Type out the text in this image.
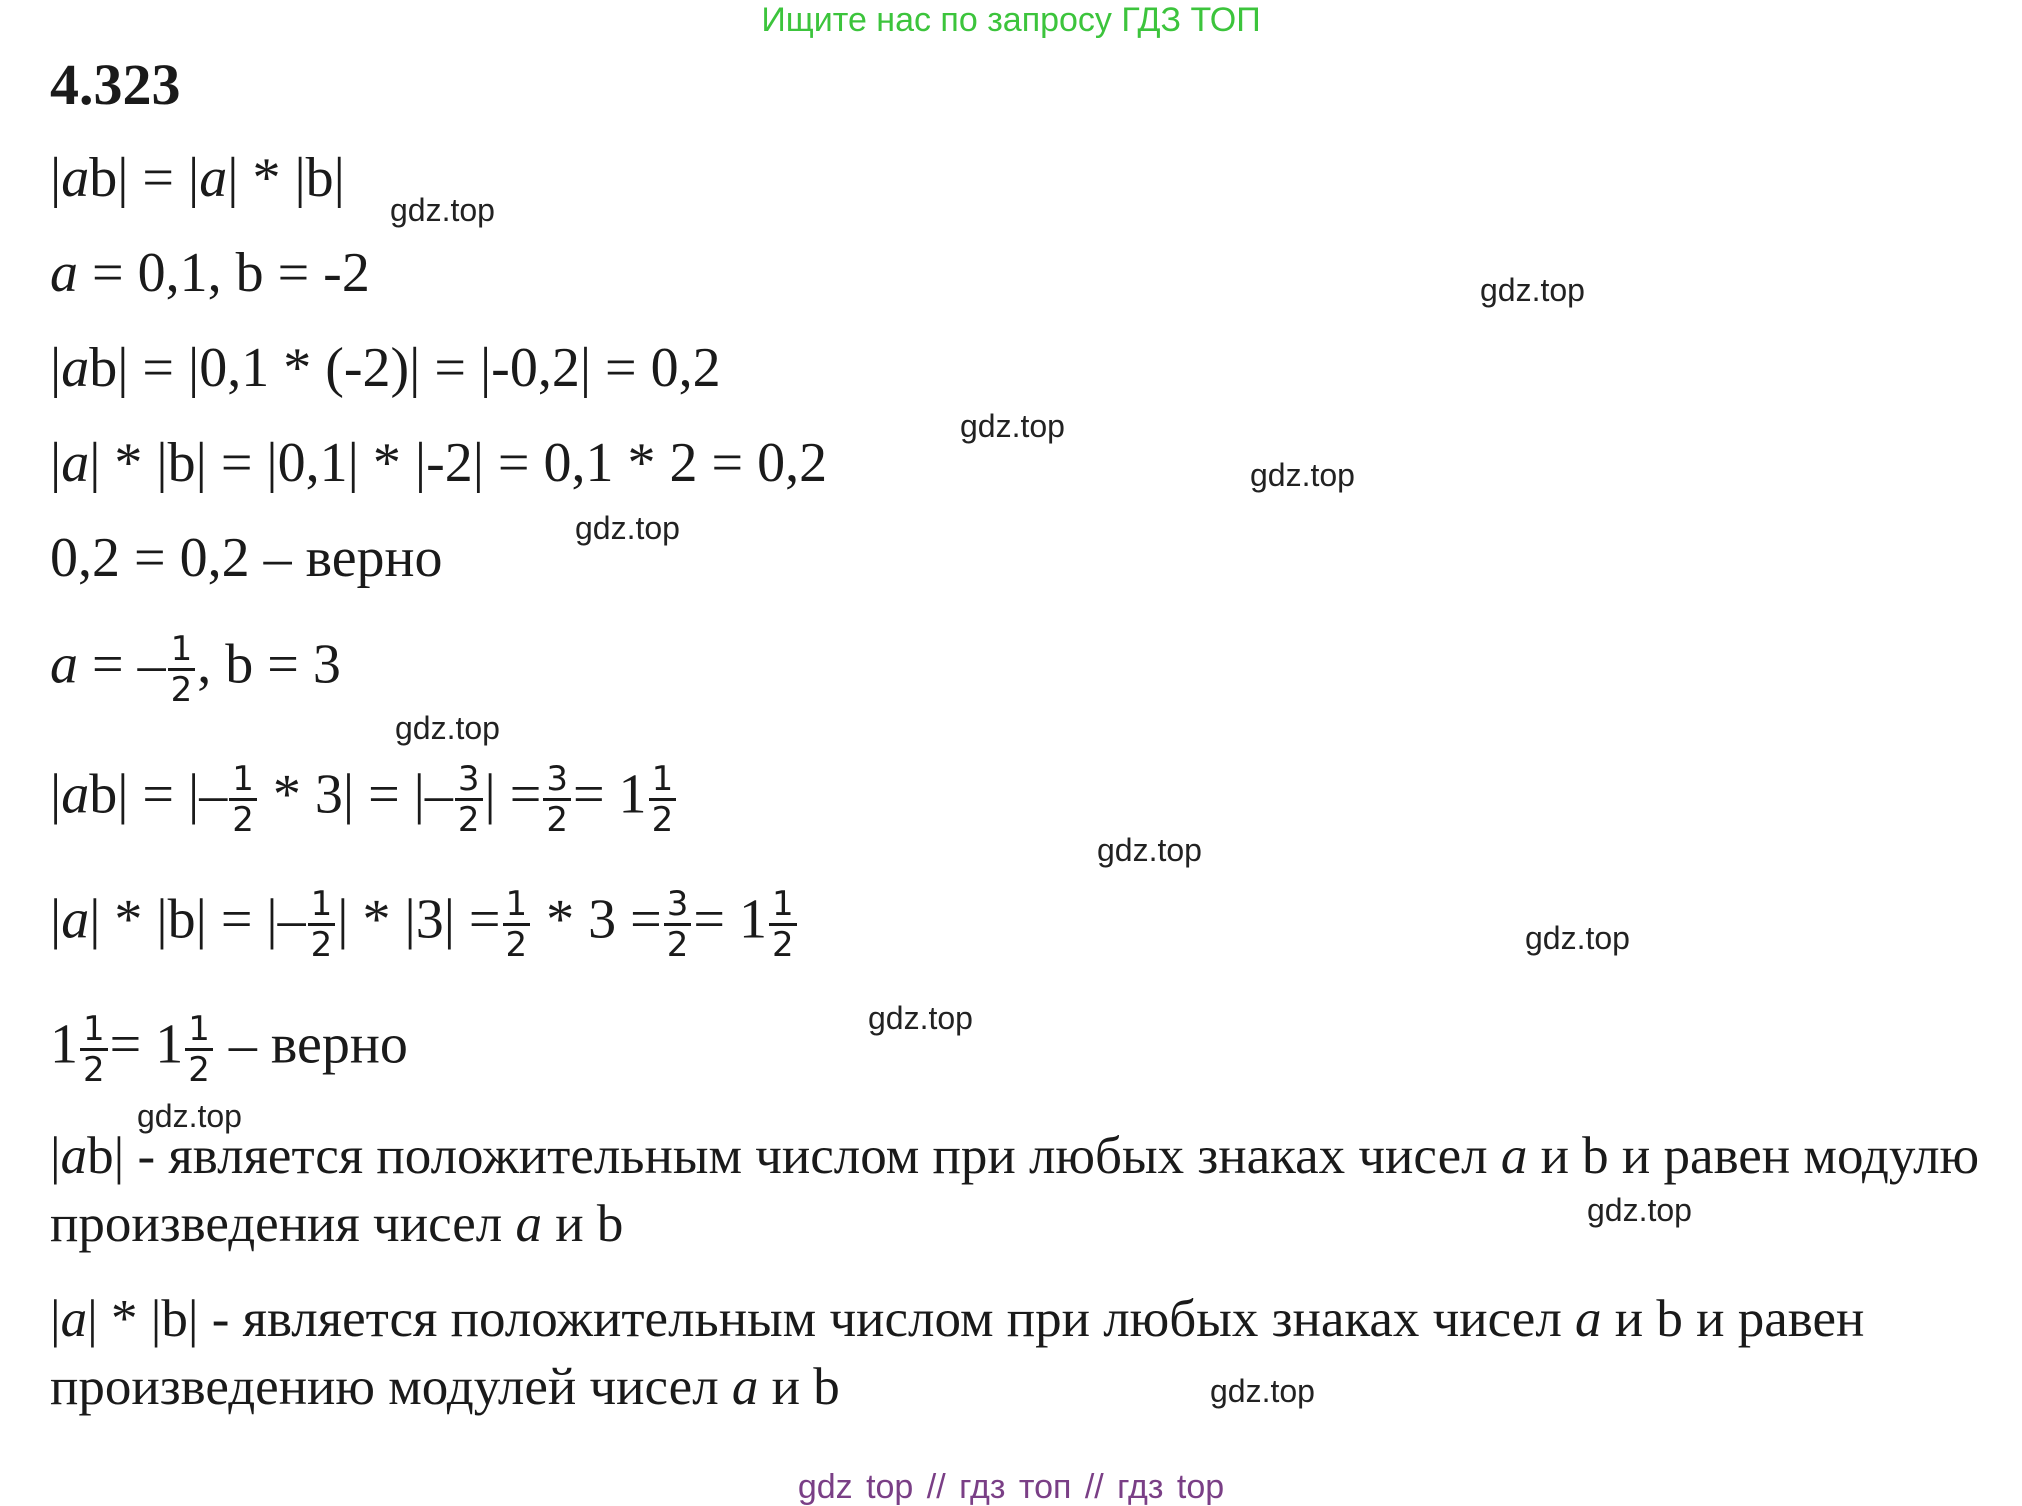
Ищите нас по запросу ГДЗ ТОП
4.323
|ab| = |a| * |b|
a = 0,1, b = -2
|ab| = |0,1 * (-2)| = |-0,2| = 0,2
|a| * |b| = |0,1| * |-2| = 0,1 * 2 = 0,2
0,2 = 0,2 – верно
a = – $\frac{1}{2}$ , b = 3
|ab| = |– $\frac{1}{2} * 3|$ = |– $\frac{3}{2}$ | = $\frac{3}{2} = 1 \frac{1}{2}$
|a| * |b| = |– $\frac{1}{2}$ | * $|3| = \frac{1}{2} * 3 = \frac{3}{2} = 1 \frac{1}{2}$
$1 \frac{1}{2} = 1 \frac{1}{2}$ – верно
|ab| - является положительным числом при любых знаках чисел a и b и равен модулю произведения чисел a и b
|a| * |b| - является положительным числом при любых знаках чисел a и b и равен произведению модулей чисел a и b
gdz.top
gdz.top
gdz.top
gdz.top
gdz.top
gdz.top
gdz.top
gdz.top
gdz.top
gdz.top
gdz.top
gdz.top
gdz top // гдз топ // гдз top
